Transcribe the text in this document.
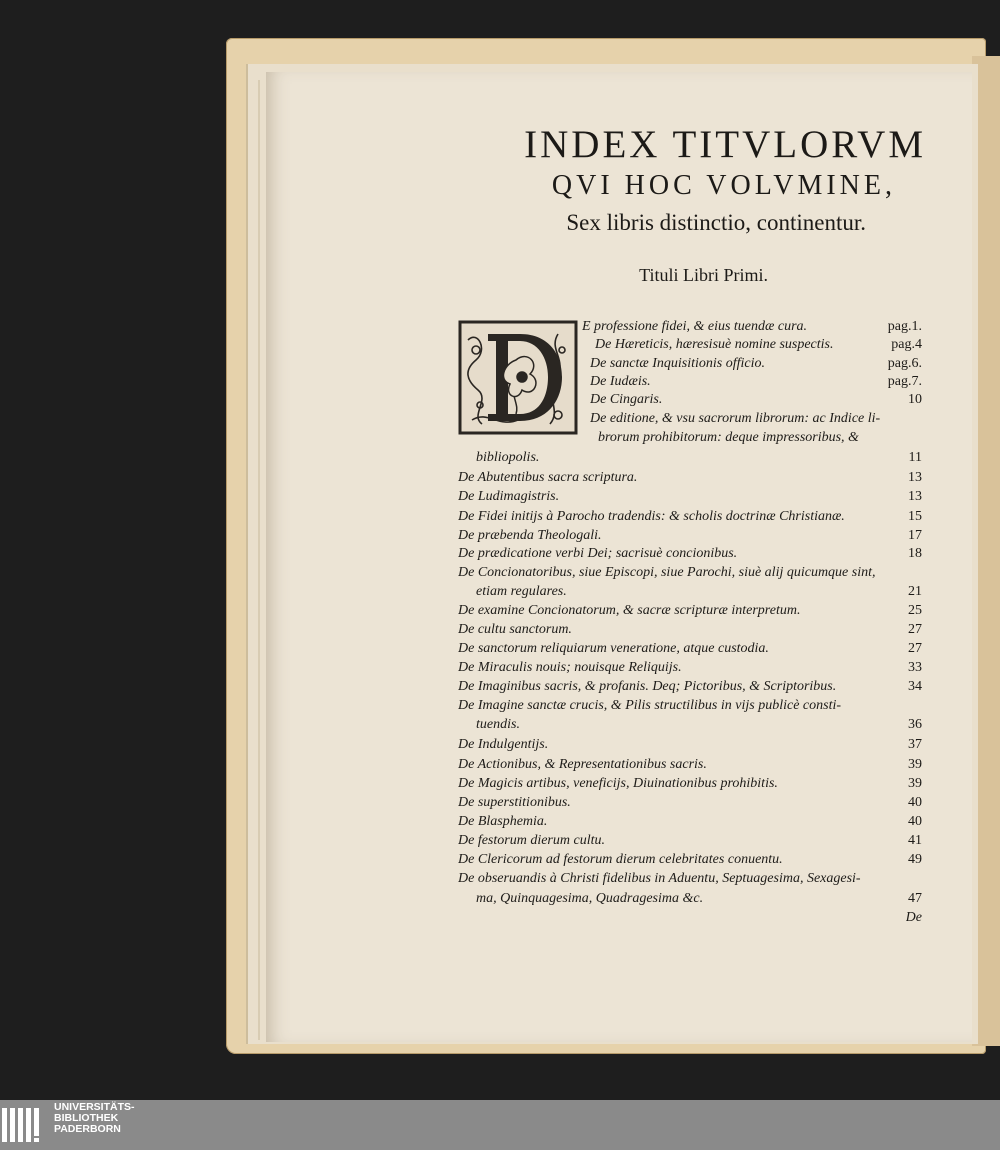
INDEX TITVLORVM
QVI HOC VOLVMINE,
Sex libris distinctio, continentur.
Tituli Libri Primi.
E professione fidei, & eius tuendæ cura.	pag.1.
De Hæreticis, hæresisuè nomine suspectis.	pag.4
De sanctæ Inquisitionis officio.	pag.6.
De Iudæis.	pag.7.
De Cingaris.	10
De editione, & vsu sacrorum librorum: ac Indice li-
brorum prohibitorum: deque impressoribus, &
bibliopolis.	11
De Abutentibus sacra scriptura.	13
De Ludimagistris.	13
De Fidei initijs à Parocho tradendis: & scholis doctrinæ Christianæ.	15
De præbenda Theologali.	17
De prædicatione verbi Dei; sacrisuè concionibus.	18
De Concionatoribus, siue Episcopi, siue Parochi, siuè alij quicumque sint,
etiam regulares.	21
De examine Concionatorum, & sacræ scripturæ interpretum.	25
De cultu sanctorum.	27
De sanctorum reliquiarum veneratione, atque custodia.	27
De Miraculis nouis; nouisque Reliquijs.	33
De Imaginibus sacris, & profanis. Deq; Pictoribus, & Scriptoribus.	34
De Imagine sanctæ crucis, & Pilis structilibus in vijs publicè consti-
tuendis.	36
De Indulgentijs.	37
De Actionibus, & Representationibus sacris.	39
De Magicis artibus, veneficijs, Diuinationibus prohibitis.	39
De superstitionibus.	40
De Blasphemia.	40
De festorum dierum cultu.	41
De Clericorum ad festorum dierum celebritates conuentu.	49
De obseruandis à Christi fidelibus in Aduentu, Septuagesima, Sexagesi-
ma, Quinquagesima, Quadragesima &c.	47
De
UNIVERSITÄTS-
BIBLIOTHEK
PADERBORN
